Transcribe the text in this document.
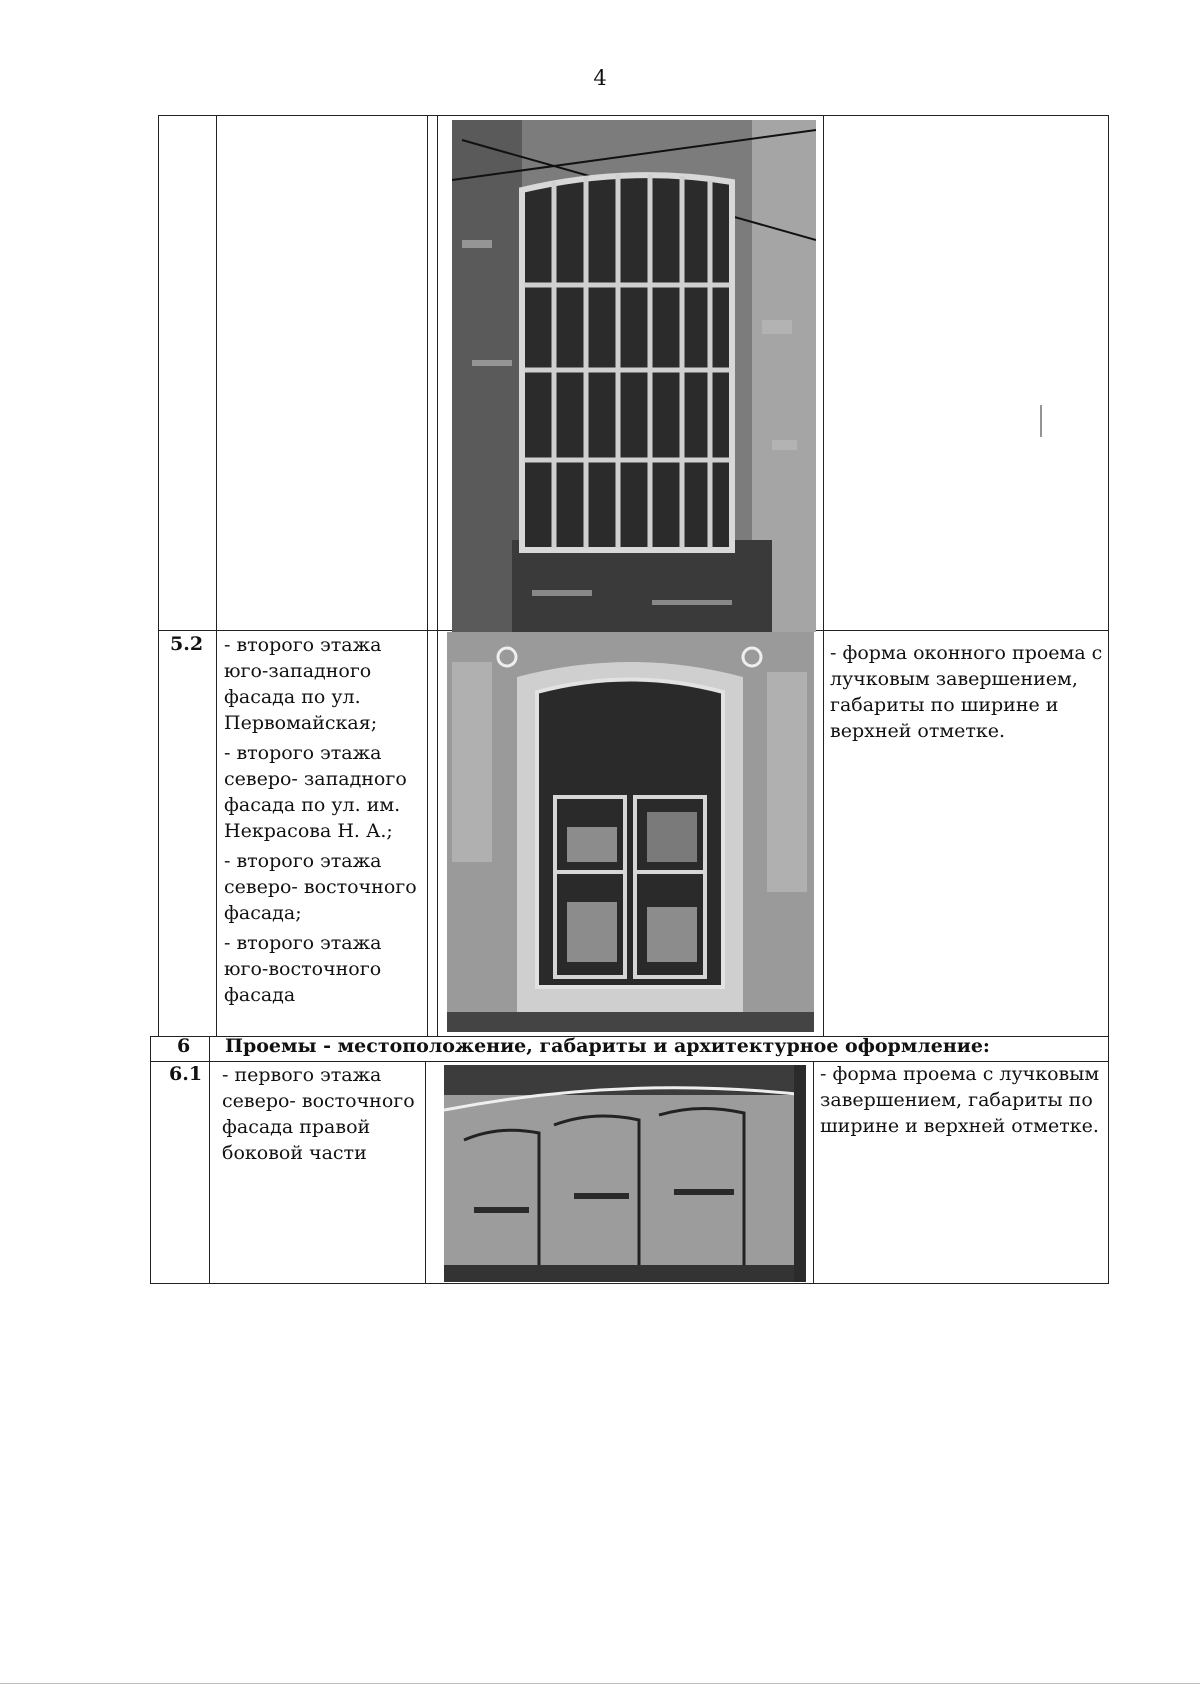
4
5.2 - второго этажа юго-западного фасада по ул. Первомайская;

- второго этажа северо- западного фасада по ул. им. Некрасова Н. А.;

- второго этажа северо- восточного фасада;

- второго этажа юго-восточного фасада

- форма оконного проема с лучковым завершением, габариты по ширине и верхней отметке.
6 Проемы - местоположение, габариты и архитектурное оформление:
6.1 - первого этажа северо- восточного фасада правой боковой части
- форма проема с лучковым завершением, габариты по ширине и верхней отметке.
